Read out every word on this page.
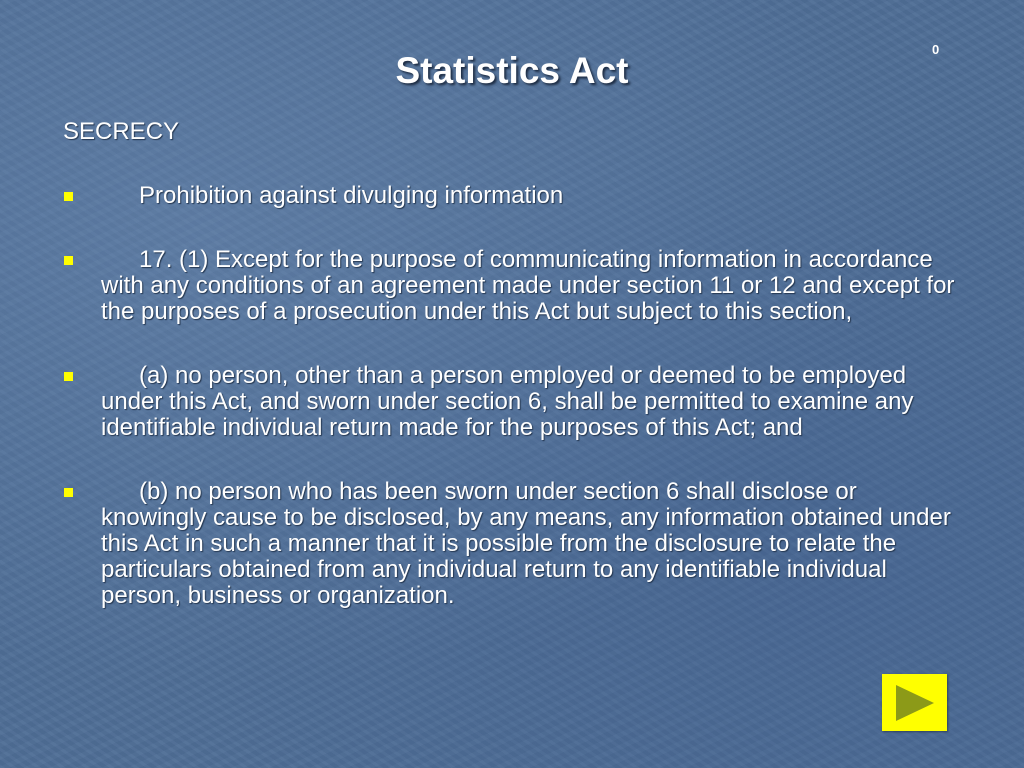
0
Statistics Act
SECRECY
Prohibition against divulging information
17. (1) Except for the purpose of communicating information in accordance with any conditions of an agreement made under section 11 or 12 and except for the purposes of a prosecution under this Act but subject to this section,
(a) no person, other than a person employed or deemed to be employed under this Act, and sworn under section 6, shall be permitted to examine any identifiable individual return made for the purposes of this Act; and
(b) no person who has been sworn under section 6 shall disclose or knowingly cause to be disclosed, by any means, any information obtained under this Act in such a manner that it is possible from the disclosure to relate the particulars obtained from any individual return to any identifiable individual person, business or organization.
